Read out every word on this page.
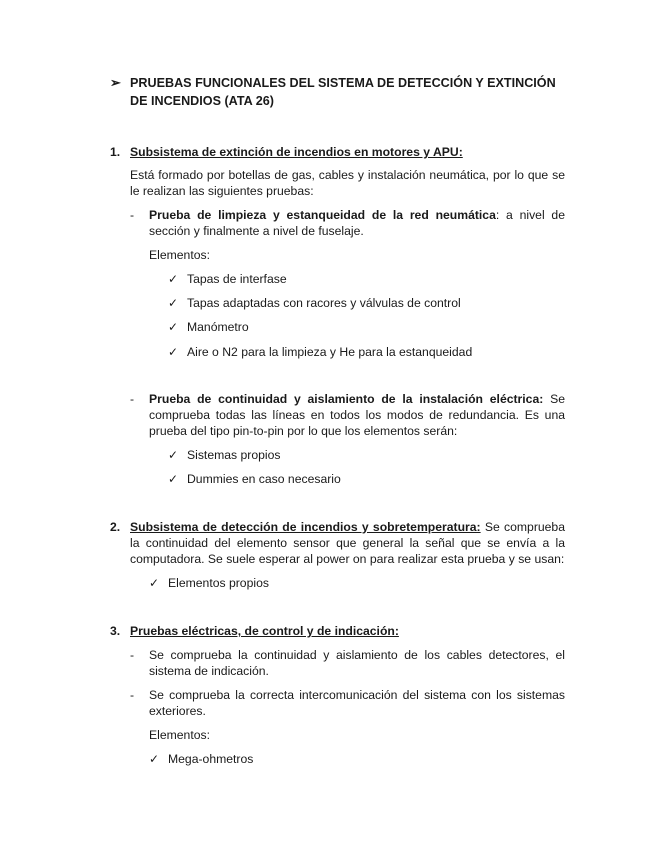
➢ PRUEBAS FUNCIONALES DEL SISTEMA DE DETECCIÓN Y EXTINCIÓN
DE INCENDIOS (ATA 26)
1. Subsistema de extinción de incendios en motores y APU:

Está formado por botellas de gas, cables y instalación neumática, por lo que se le realizan las siguientes pruebas:

- Prueba de limpieza y estanqueidad de la red neumática: a nivel de sección y finalmente a nivel de fuselaje.

Elementos:
✓ Tapas de interfase
✓ Tapas adaptadas con racores y válvulas de control
✓ Manómetro
✓ Aire o N2 para la limpieza y He para la estanqueidad
- Prueba de continuidad y aislamiento de la instalación eléctrica: Se comprueba todas las líneas en todos los modos de redundancia. Es una prueba del tipo pin-to-pin por lo que los elementos serán:

✓ Sistemas propios
✓ Dummies en caso necesario
2. Subsistema de detección de incendios y sobretemperatura: Se comprueba la continuidad del elemento sensor que general la señal que se envía a la computadora. Se suele esperar al power on para realizar esta prueba y se usan:

✓ Elementos propios
3. Pruebas eléctricas, de control y de indicación:
- Se comprueba la continuidad y aislamiento de los cables detectores, el sistema de indicación.

- Se comprueba la correcta intercomunicación del sistema con los sistemas exteriores.

Elementos:
✓ Mega-ohmetros
